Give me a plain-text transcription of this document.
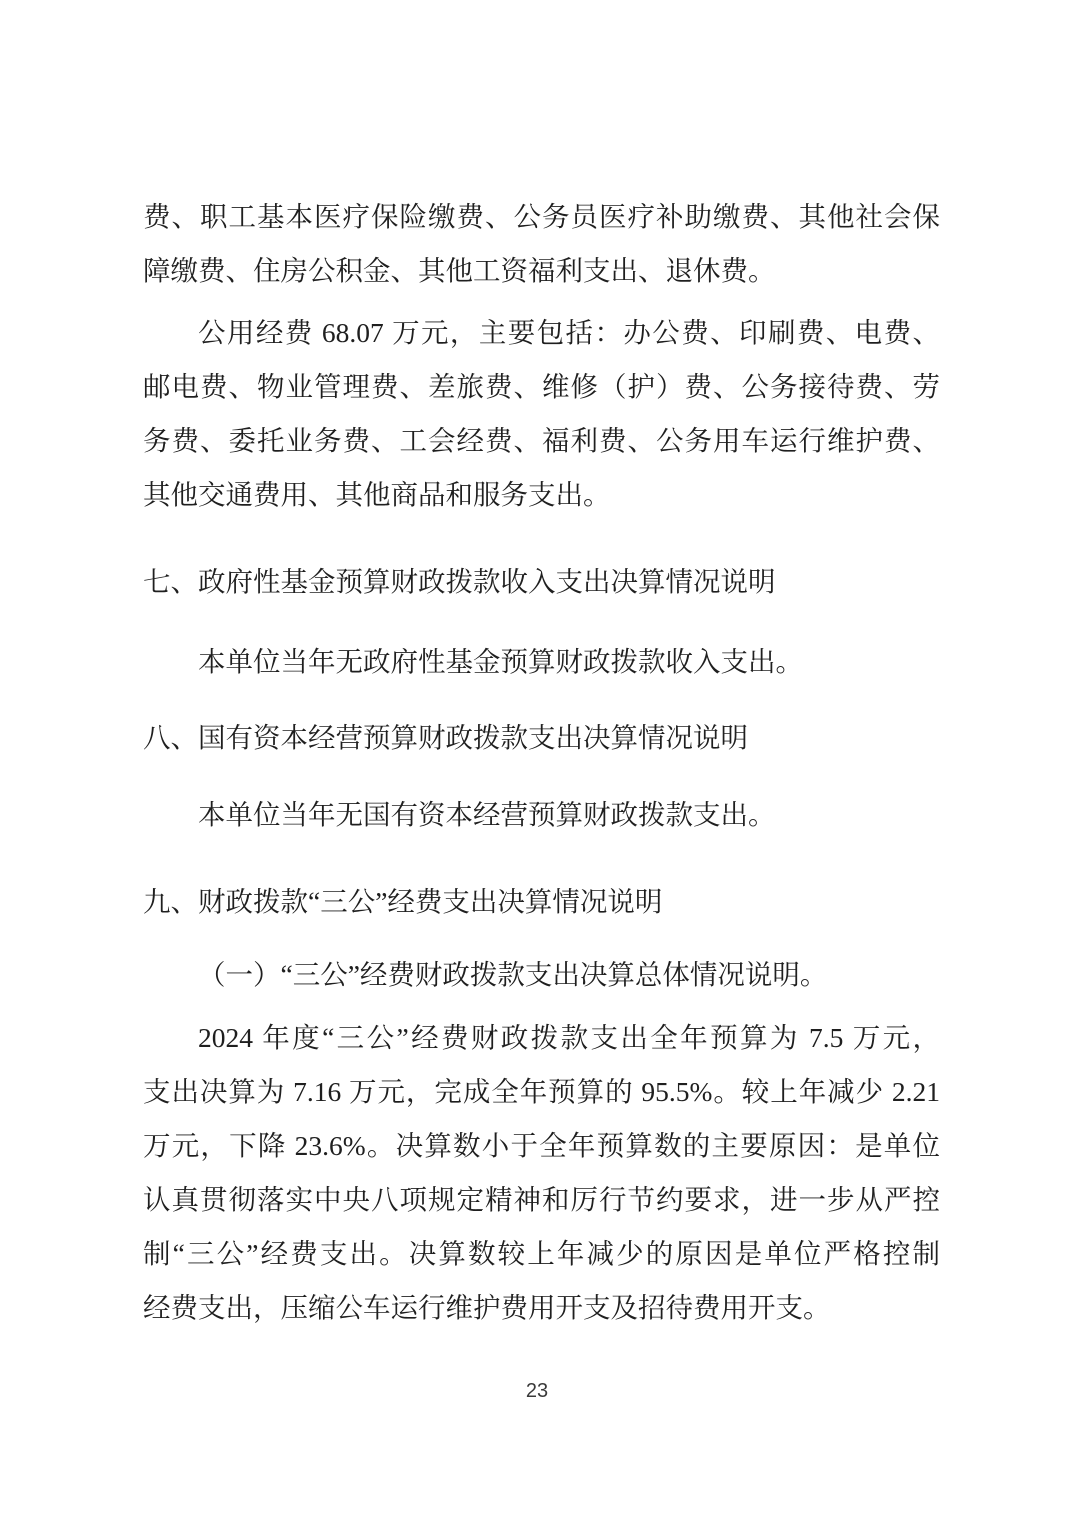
费、职工基本医疗保险缴费、公务员医疗补助缴费、其他社会保
障缴费、住房公积金、其他工资福利支出、退休费。
公用经费 68.07 万元，主要包括：办公费、印刷费、电费、
邮电费、物业管理费、差旅费、维修（护）费、公务接待费、劳
务费、委托业务费、工会经费、福利费、公务用车运行维护费、
其他交通费用、其他商品和服务支出。
七、政府性基金预算财政拨款收入支出决算情况说明
本单位当年无政府性基金预算财政拨款收入支出。
八、国有资本经营预算财政拨款支出决算情况说明
本单位当年无国有资本经营预算财政拨款支出。
九、财政拨款“三公”经费支出决算情况说明
（一）“三公”经费财政拨款支出决算总体情况说明。
2024 年度“三公”经费财政拨款支出全年预算为 7.5 万元，
支出决算为 7.16 万元，完成全年预算的 95.5%。较上年减少 2.21
万元，下降 23.6%。决算数小于全年预算数的主要原因：是单位
认真贯彻落实中央八项规定精神和厉行节约要求，进一步从严控
制“三公”经费支出。决算数较上年减少的原因是单位严格控制
经费支出，压缩公车运行维护费用开支及招待费用开支。
23
